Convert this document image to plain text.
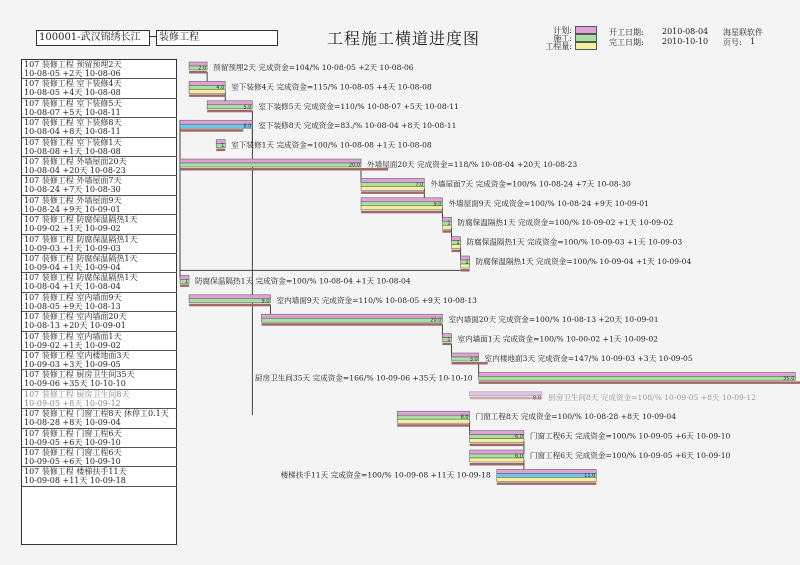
100001-武汉锦绣长江	装修工程	工程施工横道进度图	计划:
施工:
工程量:
开工日期: 2010-08-04
完工日期: 2010-10-10
海星联软件
页号: 1
107 装修工程 预留预埋2天
10-08-05 +2天 10-08-06
107 装修工程 室下装修4天
10-08-05 +4天 10-08-08
107 装修工程 室下装修5天
10-08-07 +5天 10-08-11
107 装修工程 室下装修8天
10-08-04 +8天 10-08-11
107 装修工程 室下装修1天
10-08-08 +1天 10-08-08
107 装修工程 外墙屋面20天
10-08-04 +20天 10-08-23
107 装修工程 外墙屋面7天
10-08-24 +7天 10-08-30
107 装修工程 外墙屋面9天
10-08-24 +9天 10-09-01
107 装修工程 防腐保温隔热1天
10-09-02 +1天 10-09-02
107 装修工程 防腐保温隔热1天
10-09-03 +1天 10-09-03
107 装修工程 防腐保温隔热1天
10-09-04 +1天 10-09-04
107 装修工程 防腐保温隔热1天
10-08-04 +1天 10-08-04
107 装修工程 室内墙面9天
10-08-05 +9天 10-08-13
107 装修工程 室内墙面20天
10-08-13 +20天 10-09-01
107 装修工程 室内墙面1天
10-09-02 +1天 10-09-02
107 装修工程 室内楼地面3天
10-09-03 +3天 10-09-05
107 装修工程 厨房卫生间35天
10-09-06 +35天 10-10-10
107 装修工程 厨房卫生间8天
10-09-05 +8天 10-09-12
107 装修工程 门窗工程8天 休停工0.1天
10-08-28 +8天 10-09-04
107 装修工程 门窗工程6天
10-09-05 +6天 10-09-10
107 装修工程 门窗工程6天
10-09-05 +6天 10-09-10
107 装修工程 楼梯扶手11天
10-09-08 +11天 10-09-18
2.0 预留预埋2天 完成资金=104/% 10-08-05 +2天 10-08-06
4.0 室下装修4天 完成资金=115/% 10-08-05 +4天 10-08-08
5.0 室下装修5天 完成资金=110/% 10-08-07 +5天 10-08-11
8.0 室下装修8天 完成资金=83./% 10-08-04 +8天 10-08-11
1 室下装修1天 完成资金=100/% 10-08-08 +1天 10-08-08
20.0 外墙屋面20天 完成资金=118/% 10-08-04 +20天 10-08-23
7.0 外墙屋面7天 完成资金=100/% 10-08-24 +7天 10-08-30
9.0 外墙屋面9天 完成资金=100/% 10-08-24 +9天 10-09-01
1 防腐保温隔热1天 完成资金=100/% 10-09-02 +1天 10-09-02
1 防腐保温隔热1天 完成资金=100/% 10-09-03 +1天 10-09-03
1 防腐保温隔热1天 完成资金=100/% 10-09-04 +1天 10-09-04
1 防腐保温隔热1天 完成资金=100/% 10-08-04 +1天 10-08-04
9.0 室内墙面9天 完成资金=110/% 10-08-05 +9天 10-08-13
20.0 室内墙面20天 完成资金=100/% 10-08-13 +20天 10-09-01
1 室内墙面1天 完成资金=100/% 10-00-02 +1天 10-09-02
3.0 室内楼地面3天 完成资金=147/% 10-09-03 +3天 10-09-05
35.0
厨房卫生间35天 完成资金=166/% 10-09-06 +35天 10-10-10
厨房卫生间8天 完成资金=108/% 10-09-05 +8天 10-09-12
8.0 门窗工程8天 完成资金=100/% 10-08-28 +8天 10-09-04
6.0 门窗工程6天 完成资金=100/% 10-09-05 +6天 10-09-10
6.0 门窗工程6天 完成资金=100/% 10-09-05 +6天 10-09-10
11.0
楼梯扶手11天 完成资金=100/% 10-09-08 +11天 10-09-18
